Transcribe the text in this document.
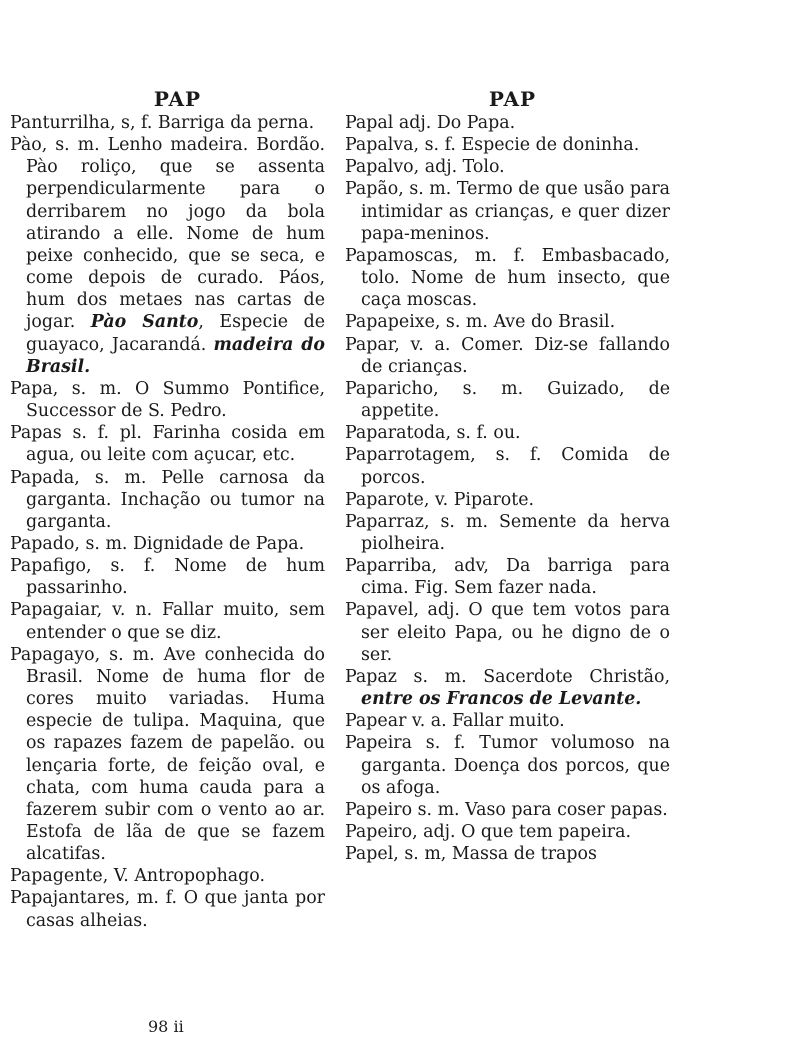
PAP

Panturrilha, s, f. Barriga da perna.

Pào, s. m. Lenho madeira. Bordão. Pào roliço, que se assenta perpendicularmente para o derribarem no jogo da bola atirando a elle. Nome de hum peixe conhecido, que se seca, e come depois de curado. Páos, hum dos metaes nas cartas de jogar. Pào Santo, Especie de guayaco, Jacarandá. madeira do Brasil.

Papa, s. m. O Summo Pontifice, Successor de S. Pedro.

Papas s. f. pl. Farinha cosida em agua, ou leite com açucar, etc.

Papada, s. m. Pelle carnosa da garganta. Inchação ou tumor na garganta.

Papado, s. m. Dignidade de Papa.

Papafigo, s. f. Nome de hum passarinho.

Papagaiar, v. n. Fallar muito, sem entender o que se diz.

Papagayo, s. m. Ave conhecida do Brasil. Nome de huma flor de cores muito variadas. Huma especie de tulipa. Maquina, que os rapazes fazem de papelão. ou lençaria forte, de feição oval, e chata, com huma cauda para a fazerem subir com o vento ao ar. Estofa de lãa de que se fazem alcatifas.

Papagente, V. Antropophago.

Papajantares, m. f. O que janta por casas alheias.

PAP

Papal adj. Do Papa.

Papalva, s. f. Especie de doninha.

Papalvo, adj. Tolo.

Papão, s. m. Termo de que usão para intimidar as crianças, e quer dizer papa-meninos.

Papamoscas, m. f. Embasbacado, tolo. Nome de hum insecto, que caça moscas.

Papapeixe, s. m. Ave do Brasil.

Papar, v. a. Comer. Diz-se fallando de crianças.

Paparicho, s. m. Guizado, de appetite.

Paparatoda, s. f. ou.

Paparrotagem, s. f. Comida de porcos.

Paparote, v. Piparote.

Paparraz, s. m. Semente da herva piolheira.

Paparriba, adv, Da barriga para cima. Fig. Sem fazer nada.

Papavel, adj. O que tem votos para ser eleito Papa, ou he digno de o ser.

Papaz s. m. Sacerdote Christão, entre os Francos de Levante.

Papear v. a. Fallar muito.

Papeira s. f. Tumor volumoso na garganta. Doença dos porcos, que os afoga.

Papeiro s. m. Vaso para coser papas.

Papeiro, adj. O que tem papeira.

Papel, s. m, Massa de trapos

98 ii
